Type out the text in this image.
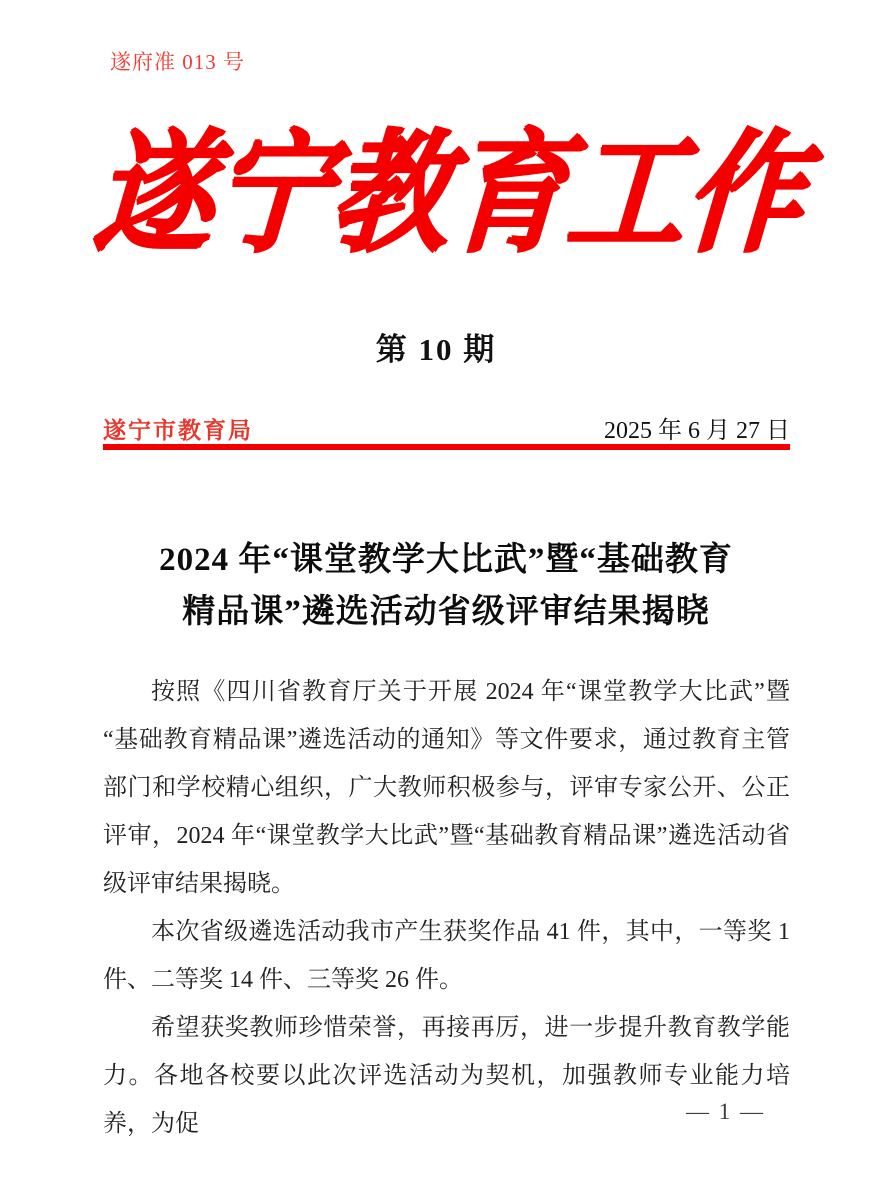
遂府准 013 号
遂
宁
教
育
工
作
第 10 期
遂宁市教育局	2025 年 6 月 27 日
2024 年“课堂教学大比武”暨“基础教育
精品课”遴选活动省级评审结果揭晓

按照《四川省教育厅关于开展 2024 年“课堂教学大比武”暨“基础教育精品课”遴选活动的通知》等文件要求，通过教育主管部门和学校精心组织，广大教师积极参与，评审专家公开、公正评审，2024 年“课堂教学大比武”暨“基础教育精品课”遴选活动省级评审结果揭晓。

本次省级遴选活动我市产生获奖作品 41 件，其中，一等奖 1 件、二等奖 14 件、三等奖 26 件。

希望获奖教师珍惜荣誉，再接再厉，进一步提升教育教学能力。各地各校要以此次评选活动为契机，加强教师专业能力培养，为促	— 1 —
